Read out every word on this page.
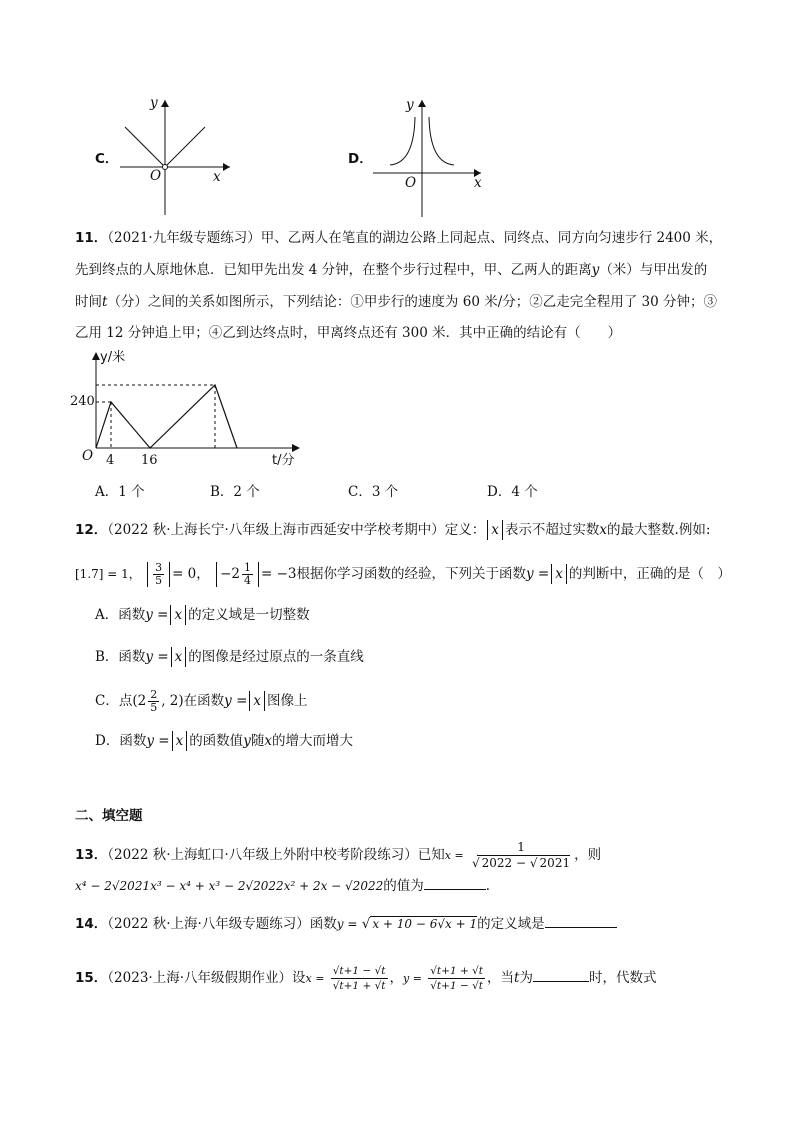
C．
y
x
O
D．
y
x
O
11．（2021·九年级专题练习）甲、乙两人在笔直的湖边公路上同起点、同终点、同方向匀速步行 2400 米，
先到终点的人原地休息．已知甲先出发 4 分钟，在整个步行过程中，甲、乙两人的距离y（米）与甲出发的
时间t（分）之间的关系如图所示，下列结论：①甲步行的速度为 60 米/分；②乙走完全程用了 30 分钟；③
乙用 12 分钟追上甲；④乙到达终点时，甲离终点还有 300 米．其中正确的结论有（　　）
y/米
240
O 4 16	t/分
A．1 个	B．2 个	C．3 个	D．4 个
12．（2022 秋·上海长宁·八年级上海市西延安中学校考期中）定义： x 表示不超过实数x的最大整数.例如:
[1.7] = 1， $\frac{3}{5} = 0$， $-2 \frac{1}{4} = -3$根据你学习函数的经验，下列关于函数y = x 的判断中，正确的是（　）
A．函数y = x 的定义域是一切整数
B．函数y = x 的图像是经过原点的一条直线
C．点($2 \frac{2}{5}$ , 2)在函数y = x 图像上
D．函数y = x 的函数值y随x的增大而增大
二、填空题
13．（2022 秋·上海虹口·八年级上外附中校考阶段练习）已知$x = \frac{1}{√ 2022 - √ 2021}$ ，则
x⁴ − 2√2021x³ − x⁴ + x³ − 2√2022x² + 2x − √2022的值为	．
14．（2022 秋·上海·八年级专题练习）函数y = √ x + 10 − 6√x + 1的定义域是
15．（2023·上海·八年级假期作业）设$x = \frac{√t+1 - √t}{√t+1 + √t}$ ，$y = \frac{√t+1 + √t}{√t+1 - √t}$ ，当t为	时，代数式
